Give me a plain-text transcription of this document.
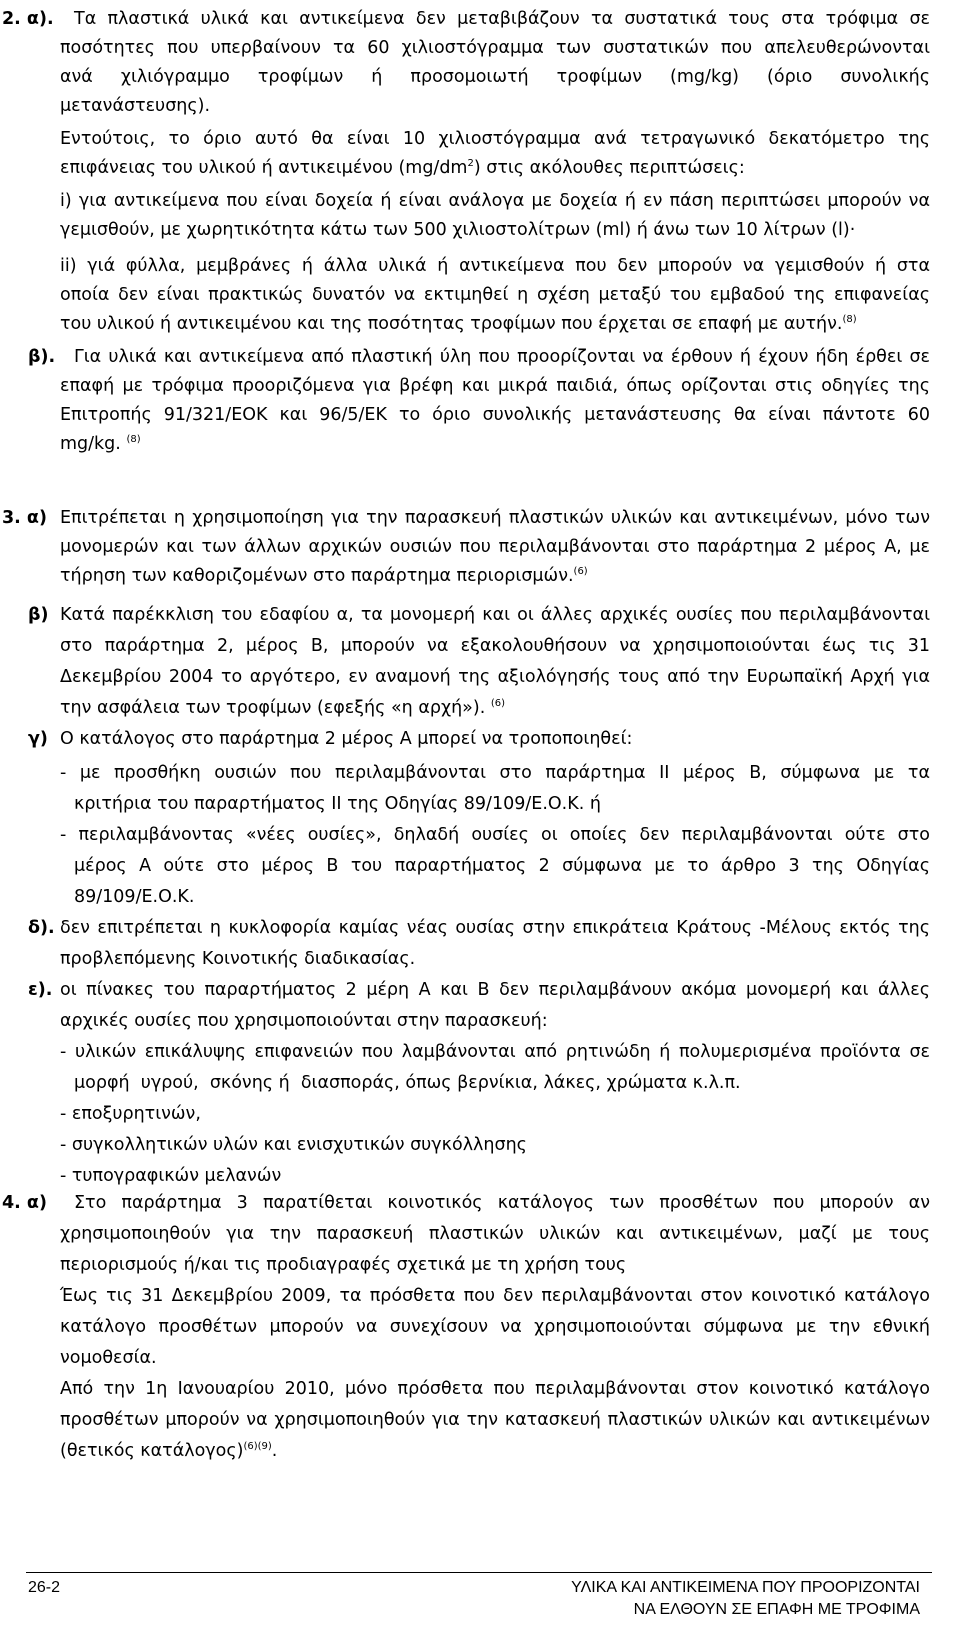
2. α). Τα πλαστικά υλικά και αντικείμενα δεν μεταβιβάζουν τα συστατικά τους στα τρόφιμα σε
ποσότητες που υπερβαίνουν τα 60 χιλιοστόγραμμα των συστατικών που απελευθερώνονται
ανά χιλιόγραμμο τροφίμων ή προσομοιωτή τροφίμων (mg/kg) (όριο συνολικής
μετανάστευσης).
Εντούτοις, το όριο αυτό θα είναι 10 χιλιοστόγραμμα ανά τετραγωνικό δεκατόμετρο της
επιφάνειας του υλικού ή αντικειμένου $(mg/dm^2)$ στις ακόλουθες περιπτώσεις:
i) για αντικείμενα που είναι δοχεία ή είναι ανάλογα με δοχεία ή εν πάση περιπτώσει μπορούν να
γεμισθούν, με χωρητικότητα κάτω των 500 χιλιοστολίτρων (ml) ή άνω των 10 λίτρων (l)·
ii) γιά φύλλα, μεμβράνες ή άλλα υλικά ή αντικείμενα που δεν μπορούν να γεμισθούν ή στα
οποία δεν είναι πρακτικώς δυνατόν να εκτιμηθεί η σχέση μεταξύ του εμβαδού της επιφανείας
του υλικού ή αντικειμένου και της ποσότητας τροφίμων που έρχεται σε επαφή με αυτήν.$^{(8)}$
β). Για υλικά και αντικείμενα από πλαστική ύλη που προορίζονται να έρθουν ή έχουν ήδη έρθει σε
επαφή με τρόφιμα προοριζόμενα για βρέφη και μικρά παιδιά, όπως ορίζονται στις οδηγίες της
Επιτροπής 91/321/ΕΟΚ και 96/5/ΕΚ το όριο συνολικής μετανάστευσης θα είναι πάντοτε 60
mg/kg. $^{(8)}$
3. α) Επιτρέπεται η χρησιμοποίηση για την παρασκευή πλαστικών υλικών και αντικειμένων, μόνο των
μονομερών και των άλλων αρχικών ουσιών που περιλαμβάνονται στο παράρτημα 2 μέρος Α, με
τήρηση των καθοριζομένων στο παράρτημα περιορισμών.$^{(6)}$
β) Κατά παρέκκλιση του εδαφίου α, τα μονομερή και οι άλλες αρχικές ουσίες που περιλαμβάνονται
στο παράρτημα 2, μέρος Β, μπορούν να εξακολουθήσουν να χρησιμοποιούνται έως τις 31
Δεκεμβρίου 2004 το αργότερο, εν αναμονή της αξιολόγησής τους από την Ευρωπαϊκή Αρχή για
την ασφάλεια των τροφίμων (εφεξής «η αρχή»). $^{(6)}$
γ) Ο κατάλογος στο παράρτημα 2 μέρος Α μπορεί να τροποποιηθεί:
- με προσθήκη ουσιών που περιλαμβάνονται στο παράρτημα ΙΙ μέρος Β, σύμφωνα με τα
κριτήρια του παραρτήματος ΙΙ της Οδηγίας 89/109/Ε.Ο.Κ. ή
- περιλαμβάνοντας «νέες ουσίες», δηλαδή ουσίες οι οποίες δεν περιλαμβάνονται ούτε στο
μέρος Α ούτε στο μέρος Β του παραρτήματος 2 σύμφωνα με το άρθρο 3 της Οδηγίας
89/109/Ε.Ο.Κ.
δ). δεν επιτρέπεται η κυκλοφορία καμίας νέας ουσίας στην επικράτεια Κράτους -Μέλους εκτός της
προβλεπόμενης Κοινοτικής διαδικασίας.
ε). οι πίνακες του παραρτήματος 2 μέρη Α και Β δεν περιλαμβάνουν ακόμα μονομερή και άλλες
αρχικές ουσίες που χρησιμοποιούνται στην παρασκευή:
- υλικών επικάλυψης επιφανειών που λαμβάνονται από ρητινώδη ή πολυμερισμένα προϊόντα σε
μορφή  υγρού,  σκόνης ή  διασποράς, όπως βερνίκια, λάκες, χρώματα κ.λ.π.
- εποξυρητινών,
- συγκολλητικών υλών και ενισχυτικών συγκόλλησης
- τυπογραφικών μελανών
4. α) Στο παράρτημα 3 παρατίθεται κοινοτικός κατάλογος των προσθέτων που μπορούν αν
χρησιμοποιηθούν για την παρασκευή πλαστικών υλικών και αντικειμένων, μαζί με τους
περιορισμούς ή/και τις προδιαγραφές σχετικά με τη χρήση τους
Έως τις 31 Δεκεμβρίου 2009, τα πρόσθετα που δεν περιλαμβάνονται στον κοινοτικό κατάλογο
κατάλογο προσθέτων μπορούν να συνεχίσουν να χρησιμοποιούνται σύμφωνα με την εθνική
νομοθεσία.
Από την 1η Ιανουαρίου 2010, μόνο πρόσθετα που περιλαμβάνονται στον κοινοτικό κατάλογο
προσθέτων μπορούν να χρησιμοποιηθούν για την κατασκευή πλαστικών υλικών και αντικειμένων
(θετικός κατάλογος)$^{(6)(9)}$.
26-2	ΥΛΙΚΑ ΚΑΙ ΑΝΤΙΚΕΙΜΕΝΑ ΠΟΥ ΠΡΟΟΡΙΖΟΝΤΑΙ
ΝΑ ΕΛΘΟΥΝ ΣΕ ΕΠΑΦΗ ΜΕ ΤΡΟΦΙΜΑ
